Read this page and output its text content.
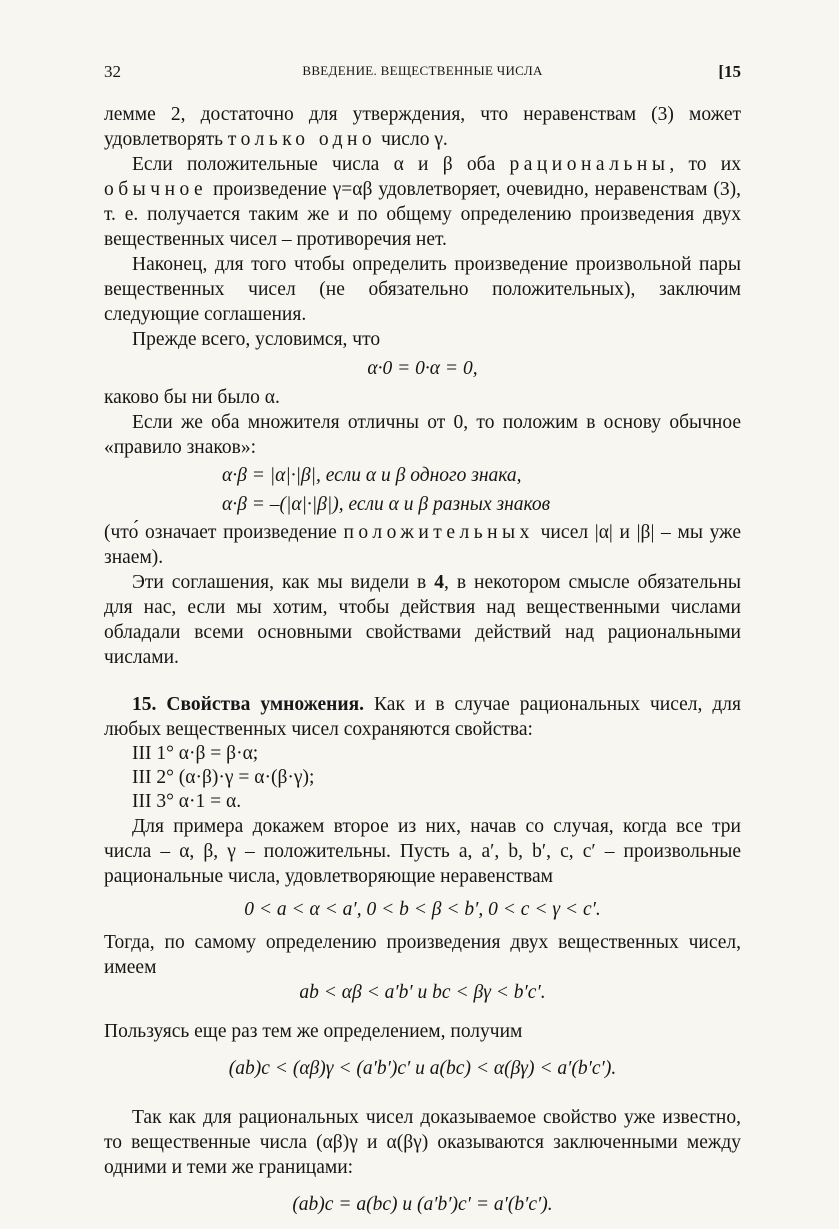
32	ВВЕДЕНИЕ. ВЕЩЕСТВЕННЫЕ ЧИСЛА	[15

лемме 2, достаточно для утверждения, что неравенствам (3) может удовлетворять только одно число γ.

Если положительные числа α и β оба рациональны, то их обычное произведение γ=αβ удовлетворяет, очевидно, неравенствам (3), т. е. получается таким же и по общему определению произведения двух вещественных чисел – противоречия нет.

Наконец, для того чтобы определить произведение произвольной пары вещественных чисел (не обязательно положительных), заключим следующие соглашения.

Прежде всего, условимся, что

α·0 = 0·α = 0,

каково бы ни было α.

Если же оба множителя отличны от 0, то положим в основу обычное «правило знаков»:

α·β = |α|·|β|, если α и β одного знака,
α·β = –(|α|·|β|), если α и β разных знаков

(что́ означает произведение положительных чисел |α| и |β| – мы уже знаем).

Эти соглашения, как мы видели в 4, в некотором смысле обязательны для нас, если мы хотим, чтобы действия над вещественными числами обладали всеми основными свойствами действий над рациональными числами.

15. Свойства умножения. Как и в случае рациональных чисел, для любых вещественных чисел сохраняются свойства:

III 1° α·β = β·α;
III 2° (α·β)·γ = α·(β·γ);
III 3° α·1 = α.

Для примера докажем второе из них, начав со случая, когда все три числа – α, β, γ – положительны. Пусть a, a′, b, b′, c, c′ – произвольные рациональные числа, удовлетворяющие неравенствам

0 < a < α < a′, 0 < b < β < b′, 0 < c < γ < c′.

Тогда, по самому определению произведения двух вещественных чисел, имеем

ab < αβ < a′b′ и bc < βγ < b′c′.

Пользуясь еще раз тем же определением, получим

(ab)c < (αβ)γ < (a′b′)c′ и a(bc) < α(βγ) < a′(b′c′).

Так как для рациональных чисел доказываемое свойство уже известно, то вещественные числа (αβ)γ и α(βγ) оказываются заключенными между одними и теми же границами:

(ab)c = a(bc) и (a′b′)c′ = a′(b′c′).
